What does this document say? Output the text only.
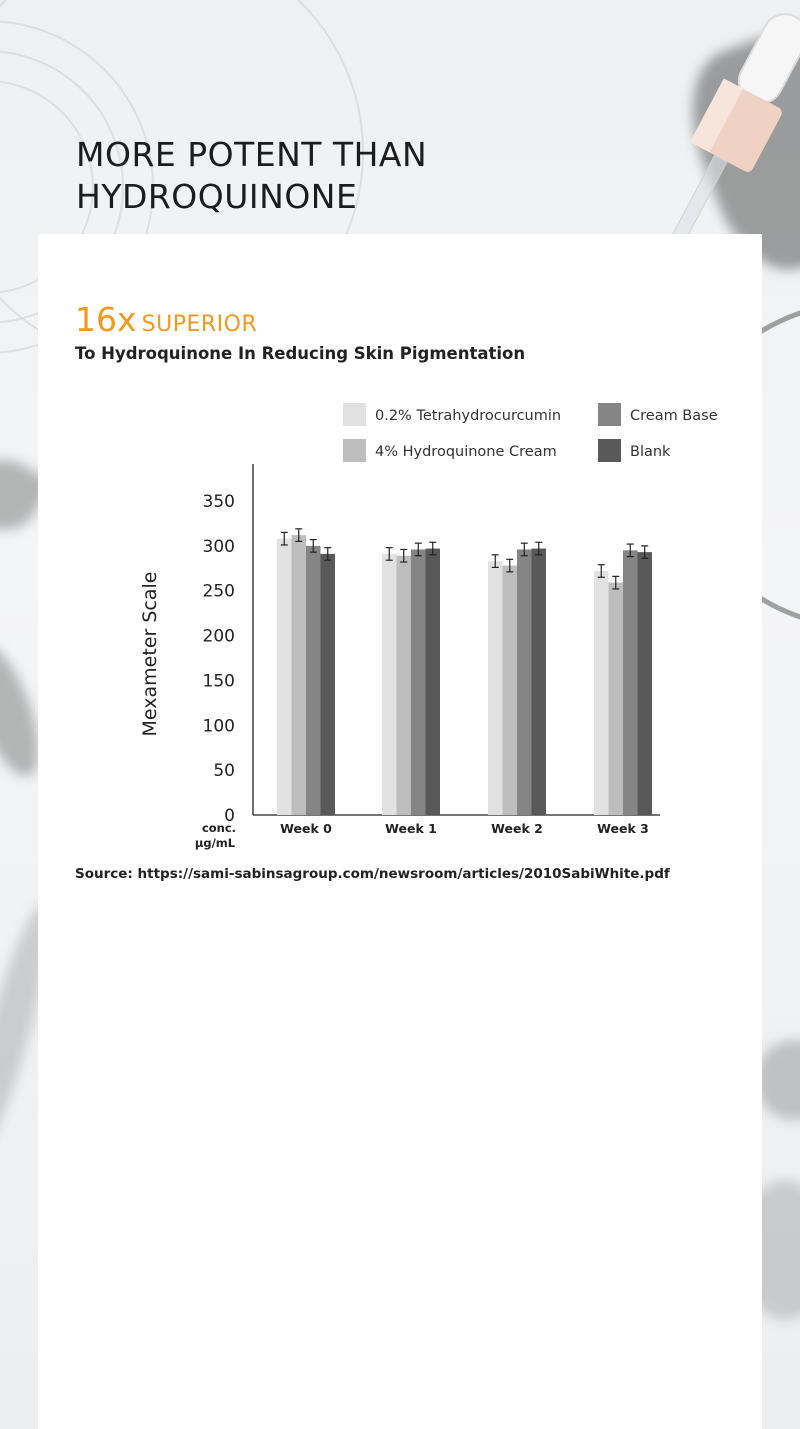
MORE POTENT THAN
HYDROQUINONE
16x SUPERIOR
To Hydroquinone In Reducing Skin Pigmentation
0
50
100
150
200
250
300
350
Mexameter Scale
conc.
µg/mL
Week 0	Week 1	Week 2	Week 3
0.2% Tetrahydrocurcumin
4% Hydroquinone Cream
Cream Base
Blank
Source: https://sami-sabinsagroup.com/newsroom/articles/2010SabiWhite.pdf
